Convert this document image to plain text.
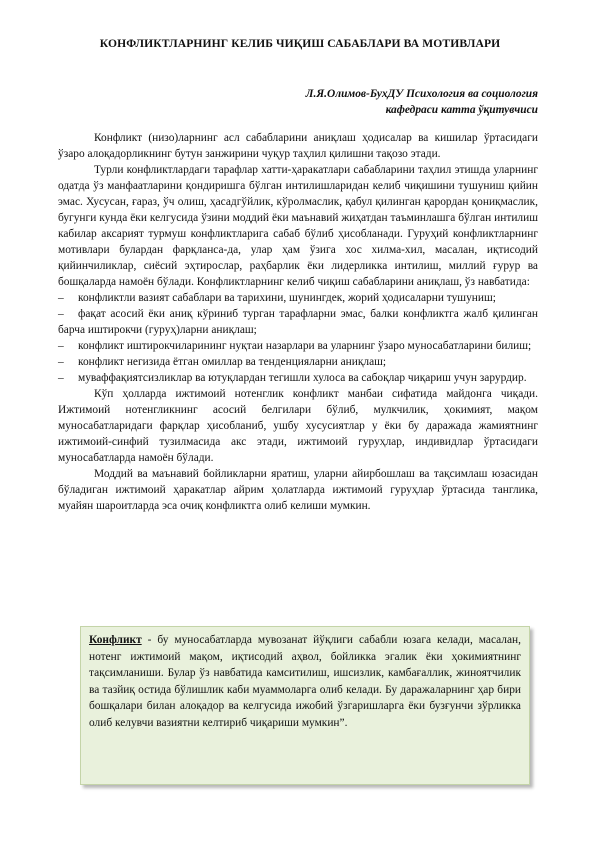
КОНФЛИКТЛАРНИНГ КЕЛИБ ЧИҚИШ САБАБЛАРИ ВА МОТИВЛАРИ
Л.Я.Олимов-БухДУ Психология ва социология
кафедраси катта ўқитувчиси

Конфликт (низо)ларнинг асл сабабларини аниқлаш ҳодисалар ва кишилар ўртасидаги ўзаро алоқадорликнинг бутун занжирини чуқур таҳлил қилишни тақозо этади.

Турли конфликтлардаги тарафлар хатти-ҳаракатлари сабабларини таҳлил этишда уларнинг одатда ўз манфаатларини қондиришга бўлган интилишларидан келиб чиқишини тушуниш қийин эмас. Хусусан, ғараз, ўч олиш, ҳасадгўйлик, кўролмаслик, қабул қилинган қарордан қониқмаслик, бугунги кунда ёки келгусида ўзини моддий ёки маънавий жиҳатдан таъминлашга бўлган интилиш кабилар аксарият турмуш конфликтларига сабаб бўлиб ҳисобланади. Гуруҳий конфликтларнинг мотивлари булардан фарқланса-да, улар ҳам ўзига хос хилма-хил, масалан, иқтисодий қийинчиликлар, сиёсий эҳтирослар, раҳбарлик ёки лидерликка интилиш, миллий ғурур ва бошқаларда намоён бўлади. Конфликтларнинг келиб чиқиш сабабларини аниқлаш, ўз навбатида:

– конфликтли вазият сабаблари ва тарихини, шунингдек, жорий ҳодисаларни тушуниш;

– фақат асосий ёки аниқ кўриниб турган тарафларни эмас, балки конфликтга жалб қилинган барча иштирокчи (гуруҳ)ларни аниқлаш;

– конфликт иштирокчиларининг нуқтаи назарлари ва уларнинг ўзаро муносабатларини билиш;

– конфликт негизида ётган омиллар ва тенденцияларни аниқлаш;

– муваффақиятсизликлар ва ютуқлардан тегишли хулоса ва сабоқлар чиқариш учун зарурдир.

Кўп ҳолларда ижтимоий нотенглик конфликт манбаи сифатида майдонга чиқади. Ижтимоий нотенгликнинг асосий белгилари бўлиб, мулкчилик, ҳокимият, мақом муносабатларидаги фарқлар ҳисобланиб, ушбу хусусиятлар у ёки бу даражада жамиятнинг ижтимоий-синфий тузилмасида акс этади, ижтимоий гуруҳлар, индивидлар ўртасидаги муносабатларда намоён бўлади.

Моддий ва маънавий бойликларни яратиш, уларни айирбошлаш ва тақсимлаш юзасидан бўладиган ижтимоий ҳаракатлар айрим ҳолатларда ижтимоий гуруҳлар ўртасида танглика, муайян шароитларда эса очиқ конфликтга олиб келиши мумкин.

Конфликт - бу муносабатларда мувозанат йўқлиги сабабли юзага келади, масалан, нотенг ижтимоий мақом, иқтисодий аҳвол, бойликка эгалик ёки ҳокимиятнинг тақсимланиши. Булар ўз навбатида камситилиш, ишсизлик, камбағаллик, жиноятчилик ва тазйиқ остида бўлишлик каби муаммоларга олиб келади. Бу даражаларнинг ҳар бири бошқалари билан алоқадор ва келгусида ижобий ўзгаришларга ёки бузғунчи зўрликка олиб келувчи вазиятни келтириб чиқариши мумкин”.
